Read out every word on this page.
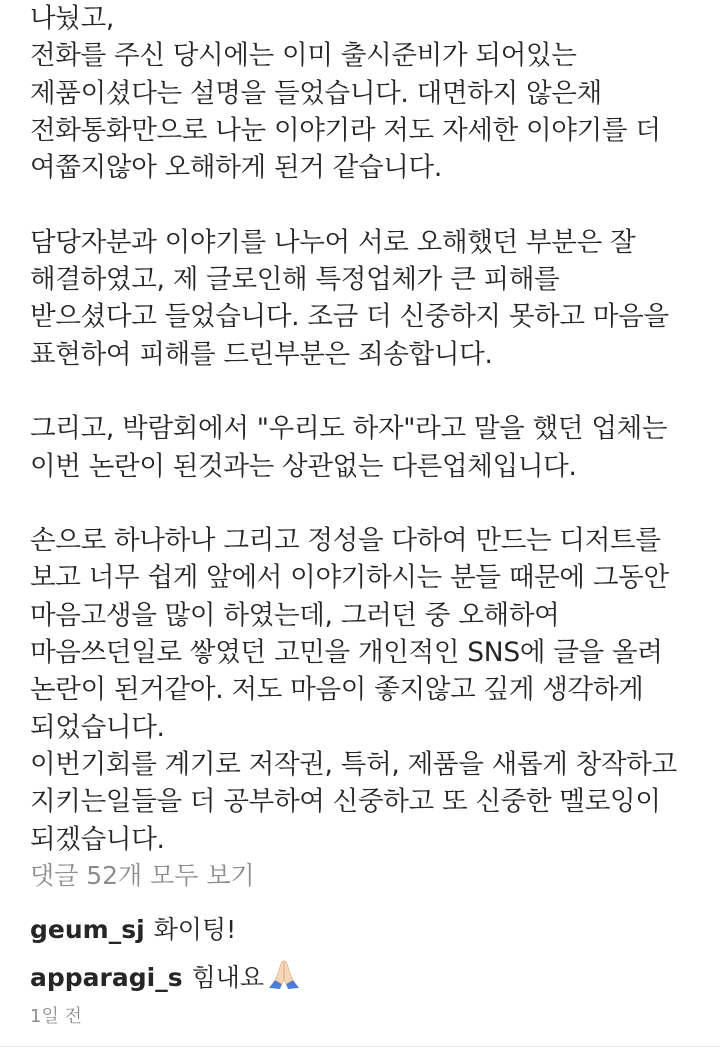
나눴고,
전화를 주신 당시에는 이미 출시준비가 되어있는
제품이셨다는 설명을 들었습니다. 대면하지 않은채
전화통화만으로 나눈 이야기라 저도 자세한 이야기를 더
여쭙지않아 오해하게 된거 같습니다.
담당자분과 이야기를 나누어 서로 오해했던 부분은 잘
해결하였고, 제 글로인해 특정업체가 큰 피해를
받으셨다고 들었습니다. 조금 더 신중하지 못하고 마음을
표현하여 피해를 드린부분은 죄송합니다.
그리고, 박람회에서 "우리도 하자"라고 말을 했던 업체는
이번 논란이 된것과는 상관없는 다른업체입니다.
손으로 하나하나 그리고 정성을 다하여 만드는 디저트를
보고 너무 쉽게 앞에서 이야기하시는 분들 때문에 그동안
마음고생을 많이 하였는데, 그러던 중 오해하여
마음쓰던일로 쌓였던 고민을 개인적인 SNS에 글을 올려
논란이 된거같아. 저도 마음이 좋지않고 깊게 생각하게
되었습니다.
이번기회를 계기로 저작권, 특허, 제품을 새롭게 창작하고
지키는일들을 더 공부하여 신중하고 또 신중한 멜로잉이
되겠습니다.
댓글 52개 모두 보기
geum_sj 화이팅!
apparagi_s 힘내요
1일 전
